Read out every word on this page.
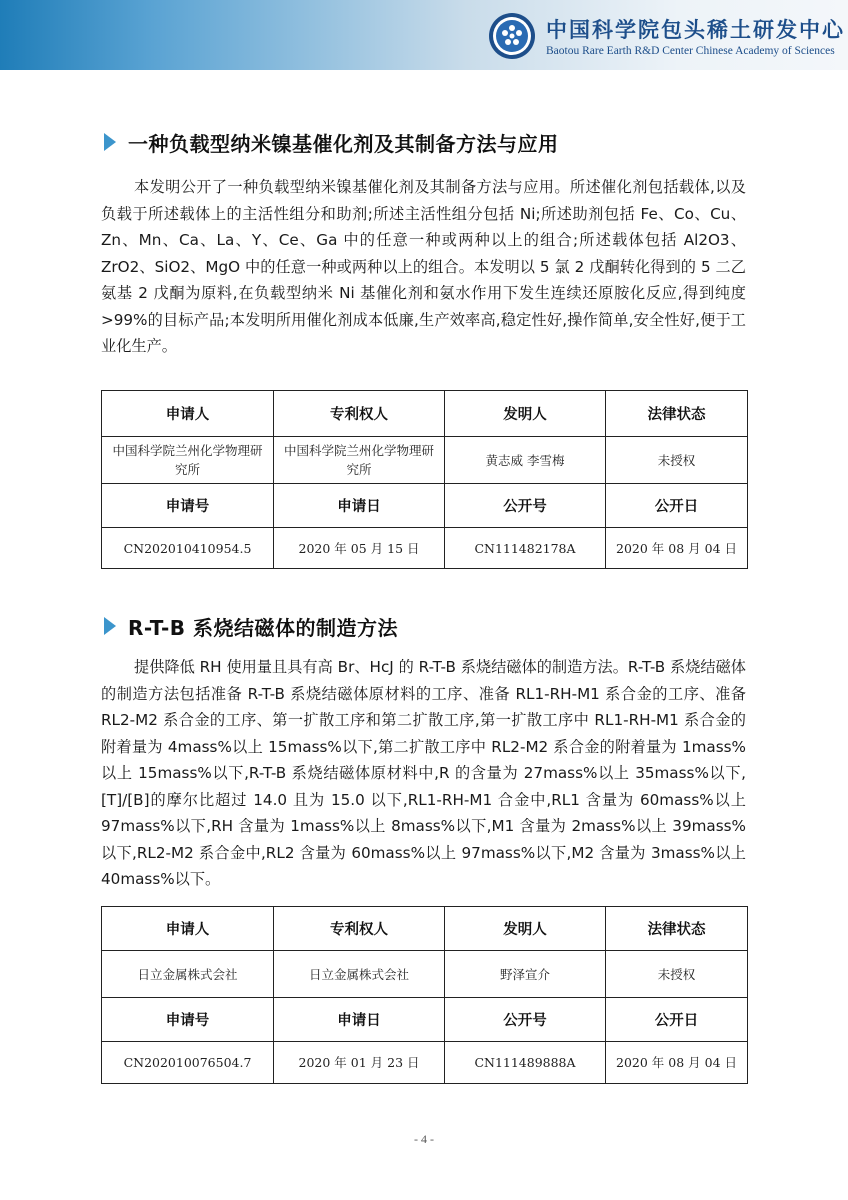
中国科学院包头稀土研发中心
Baotou Rare Earth R&D Center Chinese Academy of Sciences
一种负载型纳米镍基催化剂及其制备方法与应用

本发明公开了一种负载型纳米镍基催化剂及其制备方法与应用。所述催化剂包括载体,以及负载于所述载体上的主活性组分和助剂;所述主活性组分包括 Ni;所述助剂包括 Fe、Co、Cu、Zn、Mn、Ca、La、Y、Ce、Ga 中的任意一种或两种以上的组合;所述载体包括 Al2O3、ZrO2、SiO2、MgO 中的任意一种或两种以上的组合。本发明以 5 氯 2 戊酮转化得到的 5 二乙氨基 2 戊酮为原料,在负载型纳米 Ni 基催化剂和氨水作用下发生连续还原胺化反应,得到纯度>99%的目标产品;本发明所用催化剂成本低廉,生产效率高,稳定性好,操作简单,安全性好,便于工业化生产。

申请人	专利权人	发明人	法律状态
中国科学院兰州化学物理研究所	中国科学院兰州化学物理研究所	黄志威 李雪梅	未授权
申请号	申请日	公开号	公开日
CN202010410954.5	2020 年 05 月 15 日	CN111482178A	2020 年 08 月 04 日
R-T-B 系烧结磁体的制造方法

提供降低 RH 使用量且具有高 Br、HcJ 的 R-T-B 系烧结磁体的制造方法。R-T-B 系烧结磁体的制造方法包括准备 R-T-B 系烧结磁体原材料的工序、准备 RL1-RH-M1 系合金的工序、准备 RL2-M2 系合金的工序、第一扩散工序和第二扩散工序,第一扩散工序中 RL1-RH-M1 系合金的附着量为 4mass%以上 15mass%以下,第二扩散工序中 RL2-M2 系合金的附着量为 1mass%以上 15mass%以下,R-T-B 系烧结磁体原材料中,R 的含量为 27mass%以上 35mass%以下,[T]/[B]的摩尔比超过 14.0 且为 15.0 以下,RL1-RH-M1 合金中,RL1 含量为 60mass%以上 97mass%以下,RH 含量为 1mass%以上 8mass%以下,M1 含量为 2mass%以上 39mass%以下,RL2-M2 系合金中,RL2 含量为 60mass%以上 97mass%以下,M2 含量为 3mass%以上 40mass%以下。

申请人	专利权人	发明人	法律状态
日立金属株式会社	日立金属株式会社	野泽宣介	未授权
申请号	申请日	公开号	公开日
CN202010076504.7	2020 年 01 月 23 日	CN111489888A	2020 年 08 月 04 日
- 4 -
